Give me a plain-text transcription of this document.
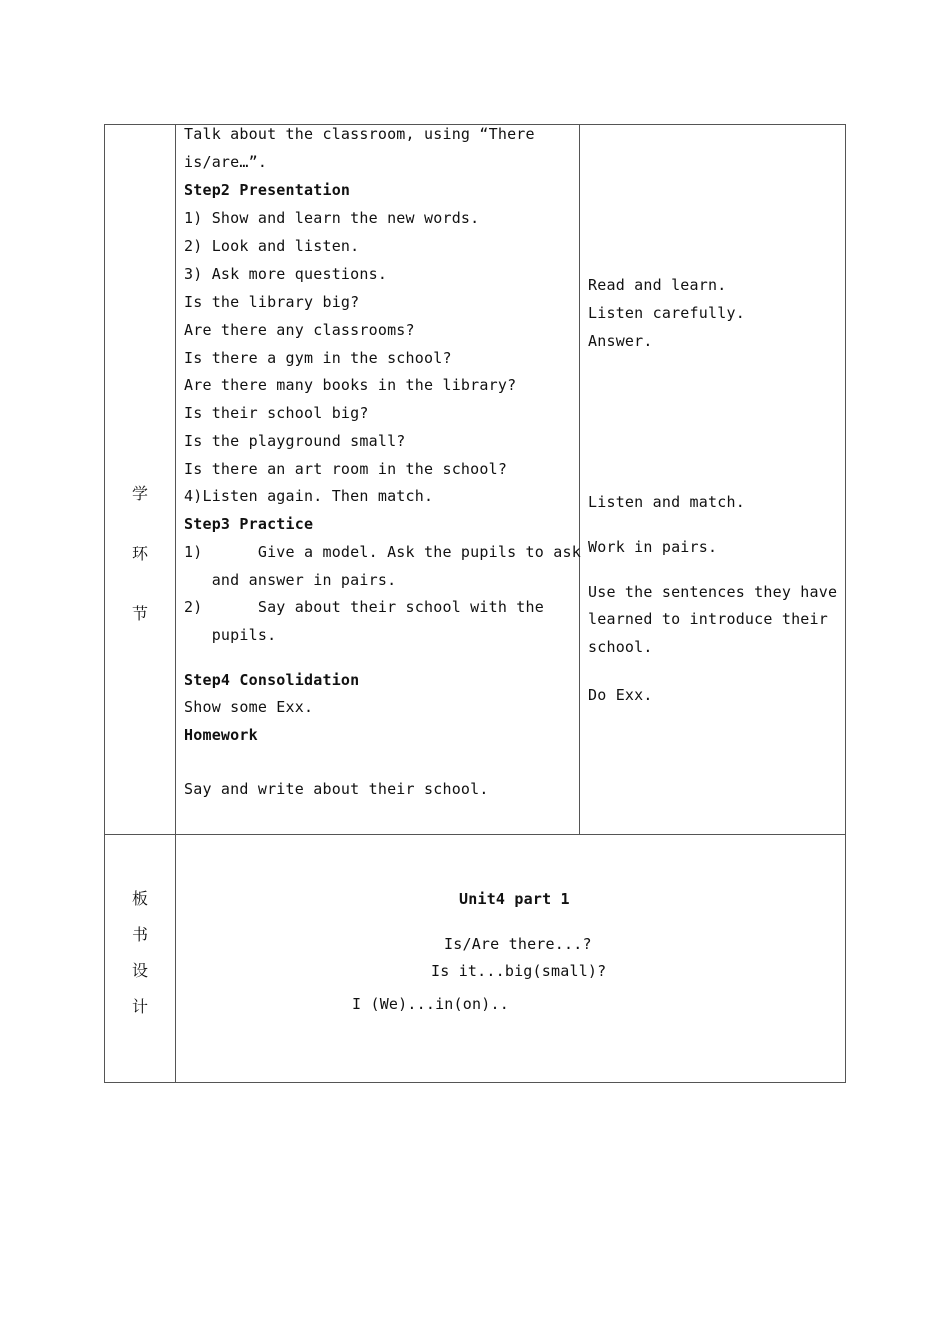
学
环
节
Talk about the classroom, using “There
is/are…”.
Step2 Presentation
1) Show and learn the new words.
2) Look and listen.
3) Ask more questions.
Is the library big?
Are there any classrooms?
Is there a gym in the school?
Are there many books in the library?
Is their school big?
Is the playground small?
Is there an art room in the school?
4)Listen again. Then match.
Step3 Practice
1)      Give a model. Ask the pupils to ask
and answer in pairs.
2)      Say about their school with the
pupils.
Step4 Consolidation
Show some Exx.
Homework
Say and write about their school.
Read and learn.
Listen carefully.
Answer.
Listen and match.
Work in pairs.
Use the sentences they have
learned to introduce their
school.
Do Exx.
板
书
设
计
Unit4 part 1
Is/Are there...?
Is it...big(small)?
I (We)...in(on)..
